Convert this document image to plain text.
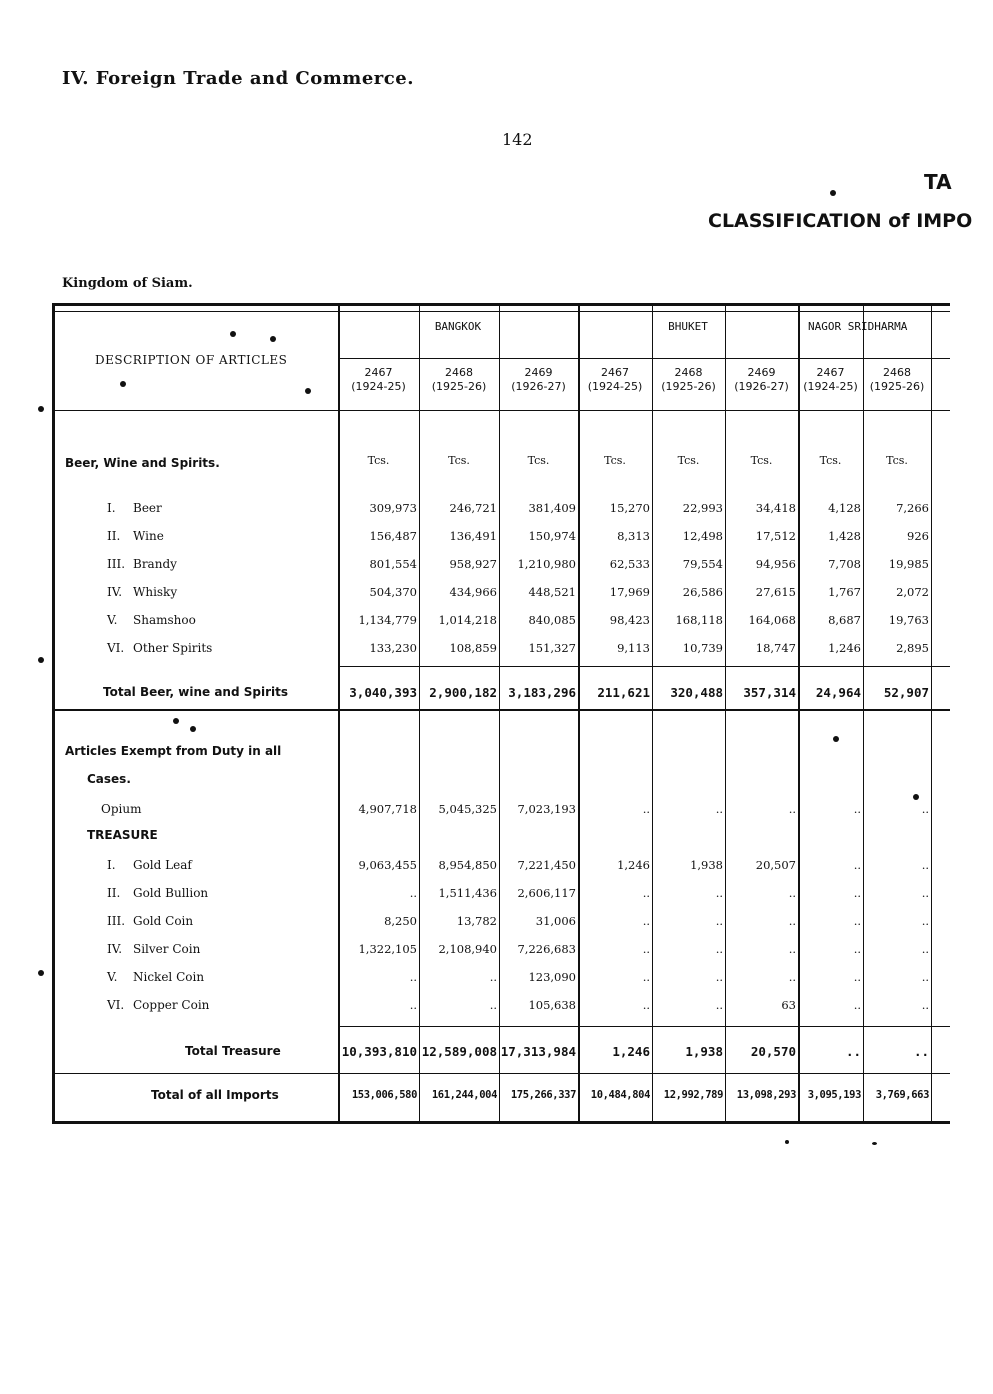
IV. Foreign Trade and Commerce.
142
TA
CLASSIFICATION of IMPO
Kingdom of Siam.
DESCRIPTION OF ARTICLES
BANGKOK	BHUKET	NAGOR SRIDHARMA
2467
(1924-25)
2468
(1925-26)
2469
(1926-27)
2467
(1924-25)
2468
(1925-26)
2469
(1926-27)
2467
(1924-25)
2468
(1925-26)
Tcs.	Tcs.	Tcs.	Tcs.	Tcs.	Tcs.	Tcs.	Tcs.
Beer, Wine and Spirits.
I. Beer	309,973	246,721	381,409	15,270	22,993	34,418	4,128	7,266
II. Wine	156,487	136,491	150,974	8,313	12,498	17,512	1,428	926
III. Brandy	801,554	958,927 1,210,980	62,533	79,554	94,956	7,708 19,985
IV. Whisky	504,370	434,966	448,521	17,969	26,586	27,615	1,767	2,072
V. Shamshoo	1,134,779 1,014,218	840,085	98,423 168,118 164,068	8,687 19,763
VI. Other Spirits	133,230	108,859	151,327	9,113	10,739	18,747	1,246	2,895
Total Beer, wine and Spirits	3,040,393 2,900,182 3,183,296 211,621 320,488 357,314 24,964 52,907
Articles Exempt from Duty in all
Cases.
Opium	4,907,718 5,045,325 7,023,193	..	..	..	..	..
TREASURE
I. Gold Leaf	9,063,455 8,954,850 7,221,450	1,246	1,938	20,507	..	..
II. Gold Bullion	.. 1,511,436 2,606,117	..	..	..	..	..
III. Gold Coin	8,250	13,782	31,006	..	..	..	..	..
IV. Silver Coin	1,322,105 2,108,940 7,226,683	..	..	..	..	..
V. Nickel Coin	..	..	123,090	..	..	..	..	..
VI. Copper Coin	..	..	105,638	..	..	63	..	..
Total Treasure	10,393,810 12,589,008 17,313,984	1,246	1,938 20,570	..	..
Total of all Imports	153,006,580 161,244,004 175,266,337 10,484,804 12,992,789 13,098,293 3,095,193 3,769,663
